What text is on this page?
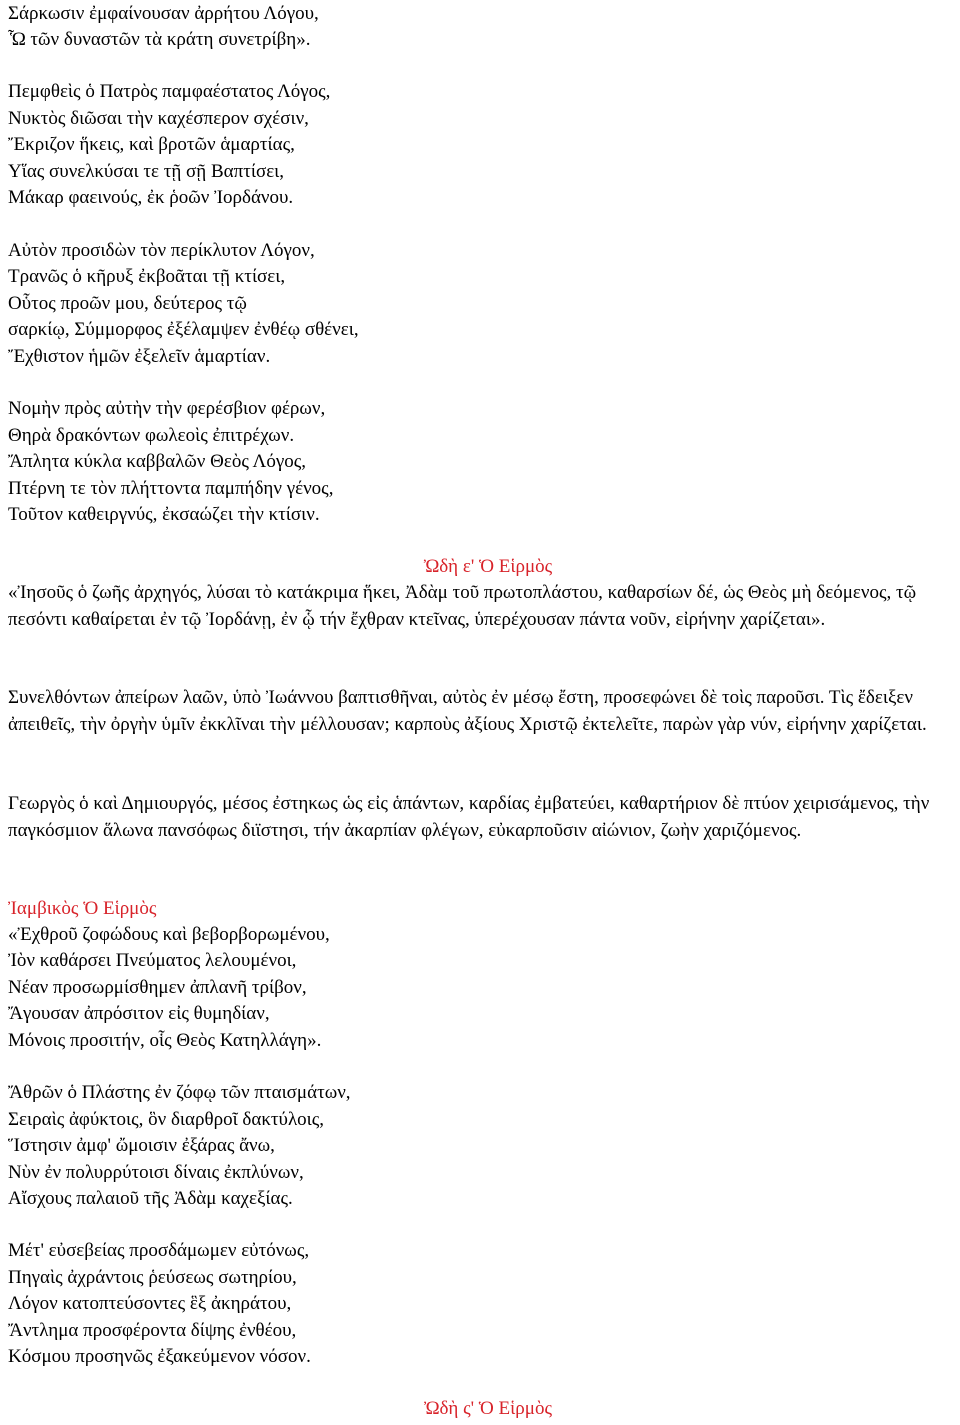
Σάρκωσιν ἐμφαίνουσαν ἀρρήτου Λόγου,
Ὧ τῶν δυναστῶν τὰ κράτη συνετρίβη».
Πεμφθεὶς ὁ Πατρὸς παμφαέστατος Λόγος,
Νυκτὸς διῶσαι τὴν καχέσπερον σχέσιν,
Ἔκριζον ἥκεις, καὶ βροτῶν ἁμαρτίας,
Υἵας συνελκύσαι τε τῇ σῇ Βαπτίσει,
Μάκαρ φαεινούς, ἐκ ῥοῶν Ἰορδάνου.
Αὐτὸν προσιδὼν τὸν περίκλυτον Λόγον,
Τρανῶς ὁ κῆρυξ ἐκβοᾶται τῇ κτίσει,
Οὗτος προῶν μου, δεύτερος τῷ
σαρκίῳ, Σύμμορφος ἐξέλαμψεν ἐνθέῳ σθένει,
Ἔχθιστον ἡμῶν ἐξελεῖν ἁμαρτίαν.
Νομὴν πρὸς αὐτὴν τὴν φερέσβιον φέρων,
Θηρὰ δρακόντων φωλεοὶς ἐπιτρέχων.
Ἄπλητα κύκλα καββαλῶν Θεὸς Λόγος,
Πτέρνη τε τὸν πλήττοντα παμπήδην γένος,
Τοῦτον καθειργνύς, ἐκσαώζει τὴν κτίσιν.
Ὠδὴ ε' Ὁ Εἱρμὸς
«Ἰησοῦς ὁ ζωῆς ἀρχηγός, λύσαι τὸ κατάκριμα ἥκει, Ἀδὰμ τοῦ πρωτοπλάστου, καθαρσίων δέ, ὡς Θεὸς μὴ δεόμενος, τῷ πεσόντι καθαίρεται ἐν τῷ Ἰορδάνῃ, ἐν ᾧ τήν ἔχθραν κτεῖνας, ὑπερέχουσαν πάντα νοῦν, εἰρήνην χαρίζεται».
Συνελθόντων ἀπείρων λαῶν, ὑπὸ Ἰωάννου βαπτισθῆναι, αὐτὸς ἐν μέσῳ ἔστη, προσεφώνει δὲ τοὶς παροῦσι. Τὶς ἔδειξεν ἀπειθεῖς, τὴν ὀργὴν ὑμῖν ἐκκλῖναι τὴν μέλλουσαν; καρποὺς ἀξίους Χριστῷ ἐκτελεῖτε, παρὼν γὰρ νύν, εἰρήνην χαρίζεται.
Γεωργὸς ὁ καὶ Δημιουργός, μέσος ἐστηκως ὡς εἰς ἁπάντων, καρδίας ἐμβατεύει, καθαρτήριον δὲ πτύον χειρισάμενος, τὴν παγκόσμιον ἅλωνα πανσόφως διϊστησι, τήν ἀκαρπίαν φλέγων, εὐκαρποῦσιν αἰώνιον, ζωὴν χαριζόμενος.
Ἰαμβικὸς Ὁ Εἱρμὸς
«Ἐχθροῦ ζοφώδους καὶ βεβορβορωμένου,
Ἰὸν καθάρσει Πνεύματος λελουμένοι,
Νέαν προσωρμίσθημεν ἀπλανῆ τρίβον,
Ἄγουσαν ἀπρόσιτον εἰς θυμηδίαν,
Μόνοις προσιτήν, οἷς Θεὸς Κατηλλάγη».
Ἄθρῶν ὁ Πλάστης ἐν ζόφῳ τῶν πταισμάτων,
Σειραὶς ἀφύκτοις, ὃν διαρθροῖ δακτύλοις,
Ἵστησιν ἀμφ' ὤμοισιν ἐξάρας ἄνω,
Νὺν ἐν πολυρρύτοισι δίναις ἐκπλύνων,
Αἴσχους παλαιοῦ τῆς Ἀδὰμ καχεξίας.
Μέτ' εὐσεβείας προσδάμωμεν εὐτόνως,
Πηγαὶς ἀχράντοις ῥεύσεως σωτηρίου,
Λόγον κατοπτεύσοντες ἓξ ἀκηράτου,
Ἄντλημα προσφέροντα δίψης ἐνθέου,
Κόσμου προσηνῶς ἐξακεύμενον νόσον.
Ὠδὴ ς' Ὁ Εἱρμὸς
